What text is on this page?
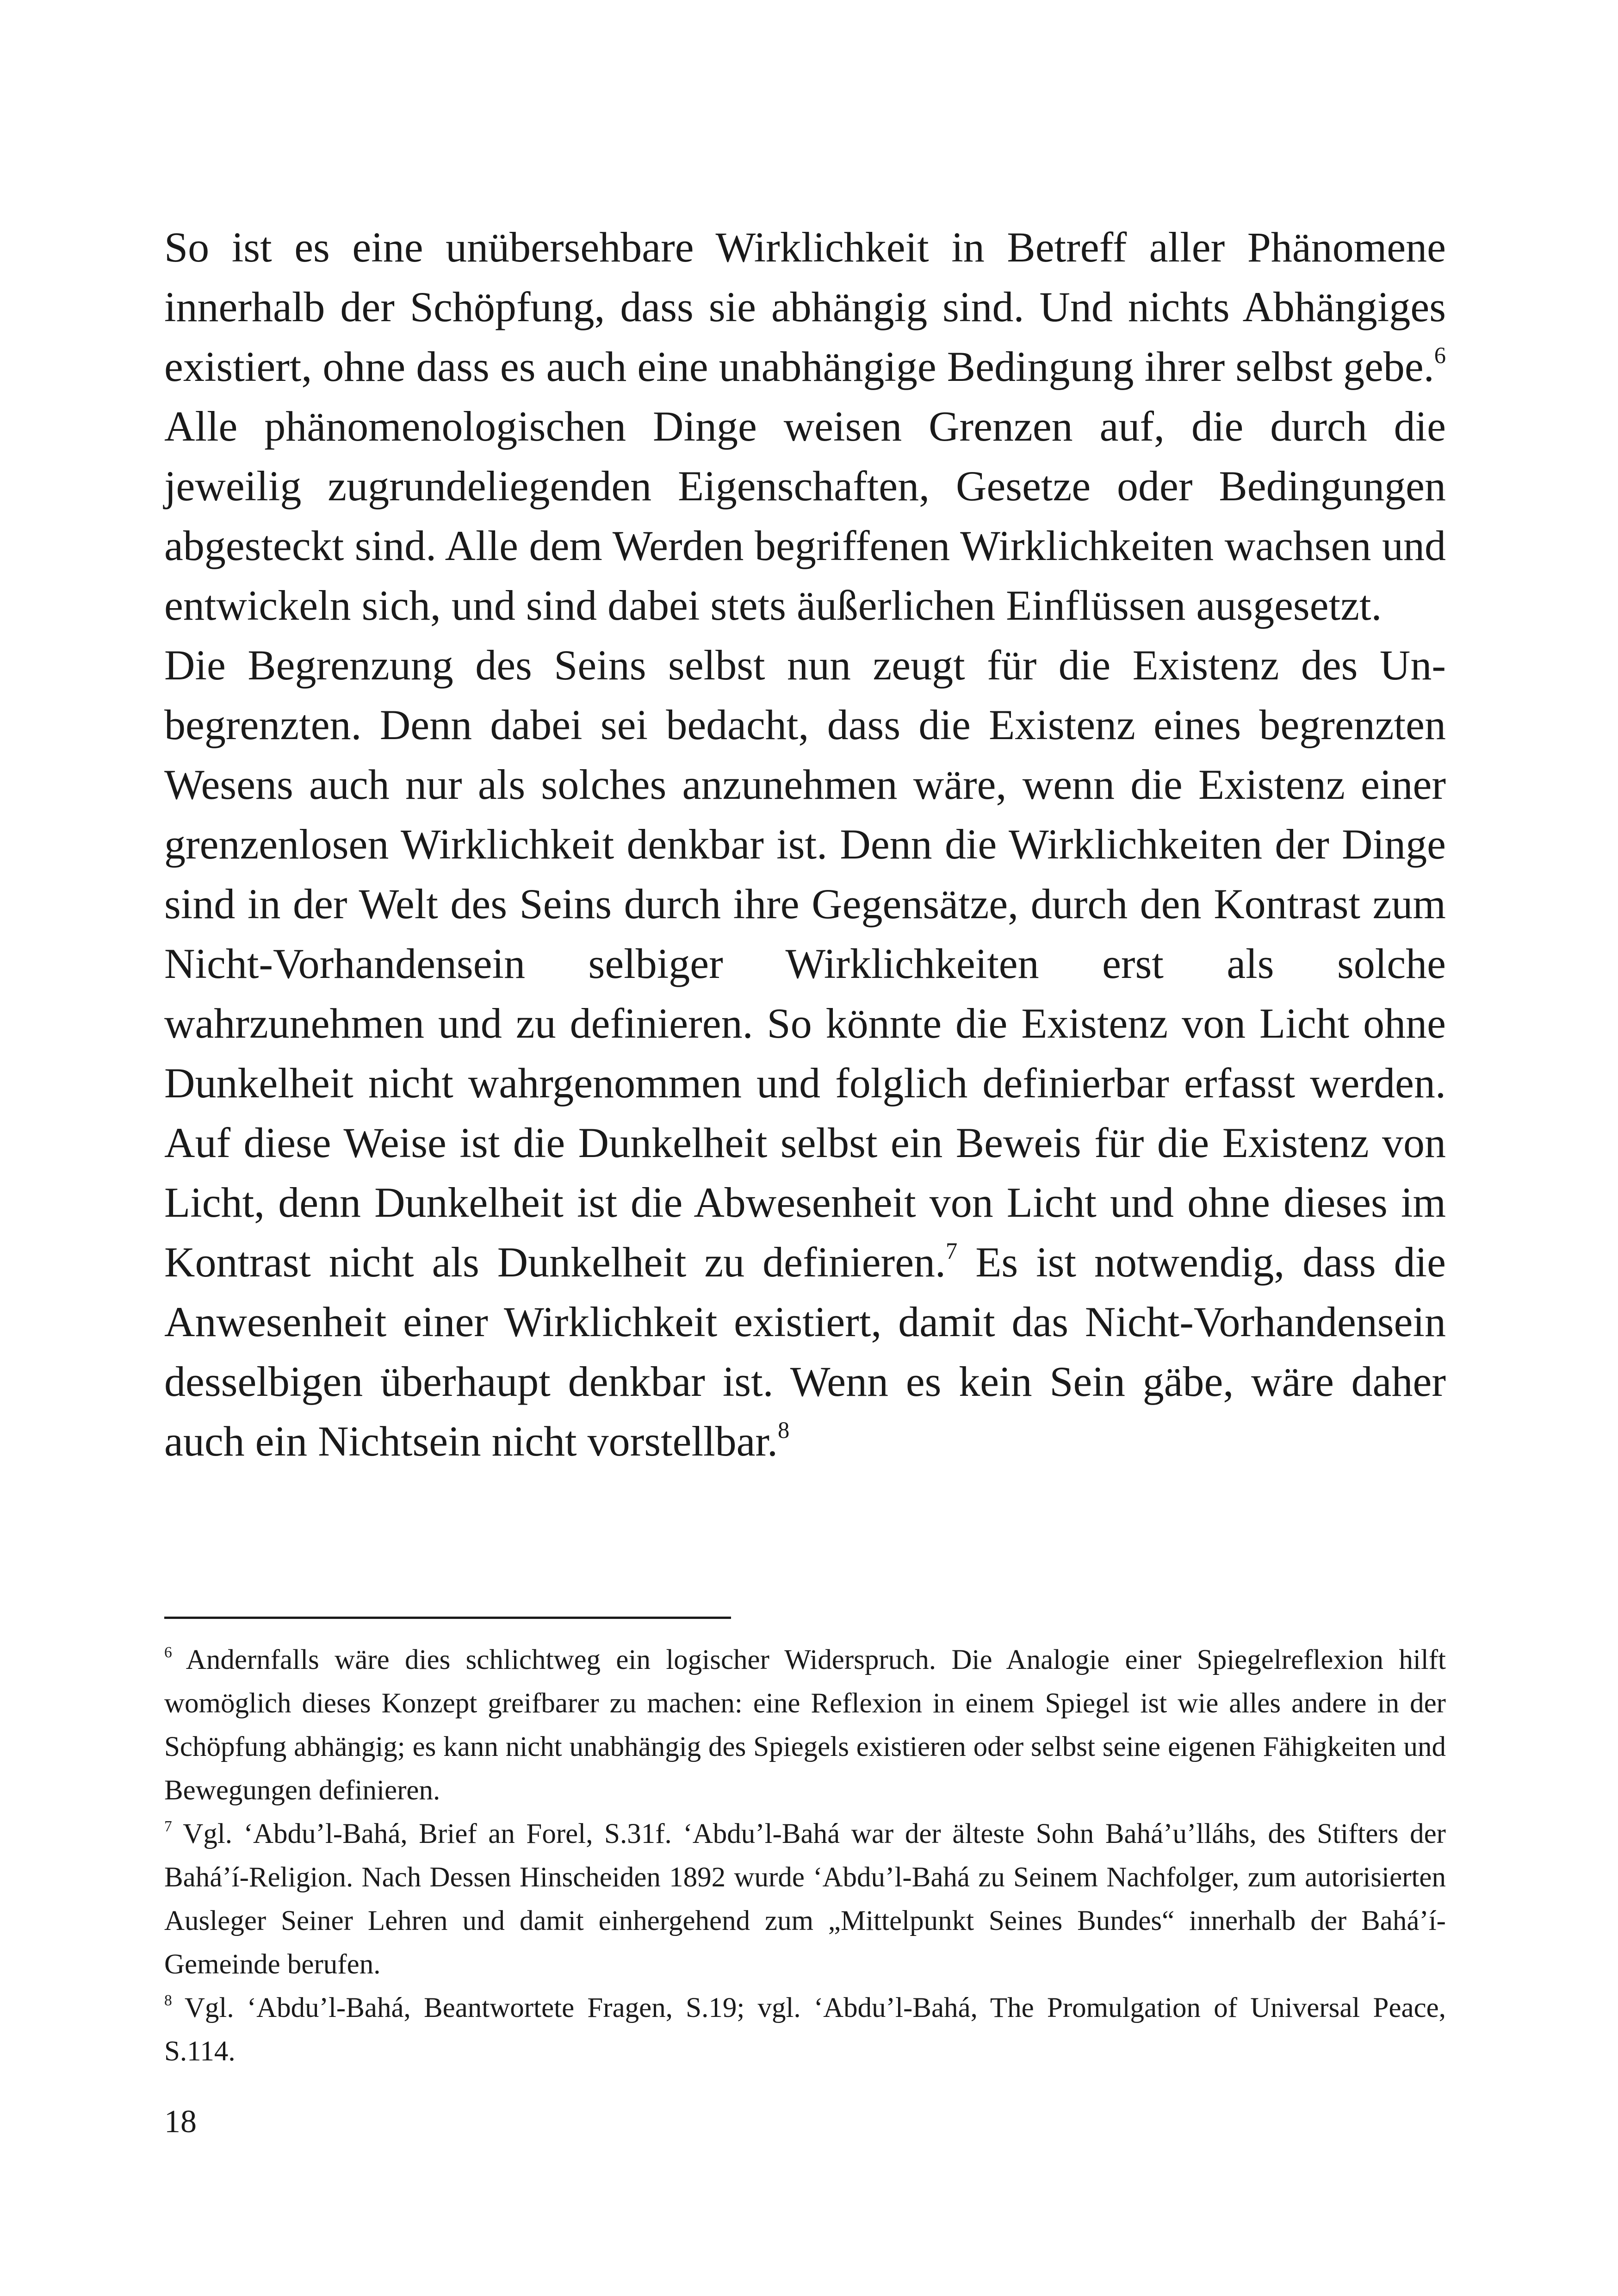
So ist es eine unübersehbare Wirklichkeit in Betreff aller Phänomene innerhalb der Schöpfung, dass sie abhängig sind. Und nichts Abhängiges existiert, ohne dass es auch eine unabhängige Bedingung ihrer selbst gebe.$^6$ Alle phänomenologischen Dinge weisen Grenzen auf, die durch die jeweilig zugrundeliegenden Eigenschaften, Gesetze oder Bedingungen abgesteckt sind. Alle dem Werden begriffenen Wirklichkeiten wachsen und entwickeln sich, und sind dabei stets äußerlichen Einflüssen ausgesetzt.

Die Begrenzung des Seins selbst nun zeugt für die Existenz des Unbegrenzten. Denn dabei sei bedacht, dass die Existenz eines begrenzten Wesens auch nur als solches anzunehmen wäre, wenn die Existenz einer grenzenlosen Wirklichkeit denkbar ist. Denn die Wirklichkeiten der Dinge sind in der Welt des Seins durch ihre Gegensätze, durch den Kontrast zum Nicht-Vorhandensein selbiger Wirklichkeiten erst als solche wahrzunehmen und zu definieren. So könnte die Existenz von Licht ohne Dunkelheit nicht wahrgenommen und folglich definierbar erfasst werden. Auf diese Weise ist die Dunkelheit selbst ein Beweis für die Existenz von Licht, denn Dunkelheit ist die Abwesenheit von Licht und ohne dieses im Kontrast nicht als Dunkelheit zu definieren.$^7$ Es ist notwendig, dass die Anwesenheit einer Wirklichkeit existiert, damit das Nicht-Vorhandensein desselbigen überhaupt denkbar ist. Wenn es kein Sein gäbe, wäre daher auch ein Nichtsein nicht vorstellbar.$^8$

$^6$ Andernfalls wäre dies schlichtweg ein logischer Widerspruch. Die Analogie einer Spiegelreflexion hilft womöglich dieses Konzept greifbarer zu machen: eine Reflexion in einem Spiegel ist wie alles andere in der Schöpfung abhängig; es kann nicht unabhängig des Spiegels existieren oder selbst seine eigenen Fähigkeiten und Bewegungen definieren.

$^7$ Vgl. ‘Abdu’l-Bahá, Brief an Forel, S.31f. ‘Abdu’l-Bahá war der älteste Sohn Bahá’u’lláhs, des Stifters der Bahá’í-Religion. Nach Dessen Hinscheiden 1892 wurde ‘Abdu’l-Bahá zu Seinem Nachfolger, zum autorisierten Ausleger Seiner Lehren und damit einhergehend zum „Mittelpunkt Seines Bundes“ innerhalb der Bahá’í-Gemeinde berufen.

$^8$ Vgl. ‘Abdu’l-Bahá, Beantwortete Fragen, S.19; vgl. ‘Abdu’l-Bahá, The Promulgation of Universal Peace, S.114.

18
